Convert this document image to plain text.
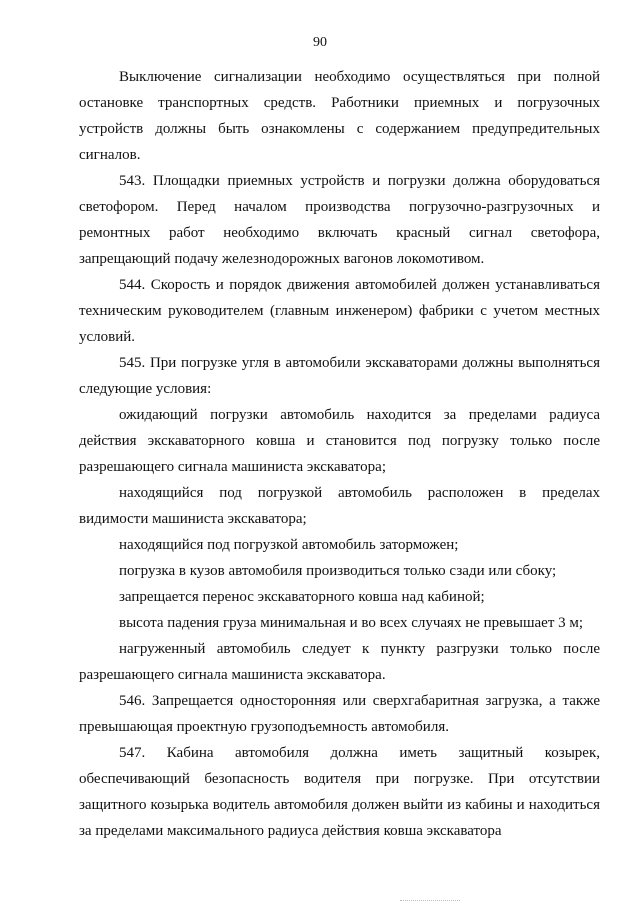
90

Выключение сигнализации необходимо осуществляться при полной остановке транспортных средств. Работники приемных и погрузочных устройств должны быть ознакомлены с содержанием предупредительных сигналов.

543. Площадки приемных устройств и погрузки должна оборудоваться светофором. Перед началом производства погрузочно-разгрузочных и ремонтных работ необходимо включать красный сигнал светофора, запрещающий подачу железнодорожных вагонов локомотивом.

544. Скорость и порядок движения автомобилей должен устанавливаться техническим руководителем (главным инженером) фабрики с учетом местных условий.

545. При погрузке угля в автомобили экскаваторами должны выполняться следующие условия:

ожидающий погрузки автомобиль находится за пределами радиуса действия экскаваторного ковша и становится под погрузку только после разрешающего сигнала машиниста экскаватора;

находящийся под погрузкой автомобиль расположен в пределах видимости машиниста экскаватора;

находящийся под погрузкой автомобиль заторможен;

погрузка в кузов автомобиля производиться только сзади или сбоку;

запрещается перенос экскаваторного ковша над кабиной;

высота падения груза минимальная и во всех случаях не превышает 3 м;

нагруженный автомобиль следует к пункту разгрузки только после разрешающего сигнала машиниста экскаватора.

546. Запрещается односторонняя или сверхгабаритная загрузка, а также превышающая проектную грузоподъемность автомобиля.

547. Кабина автомобиля должна иметь защитный козырек, обеспечивающий безопасность водителя при погрузке. При отсутствии защитного козырька водитель автомобиля должен выйти из кабины и находиться за пределами максимального радиуса действия ковша экскаватора
